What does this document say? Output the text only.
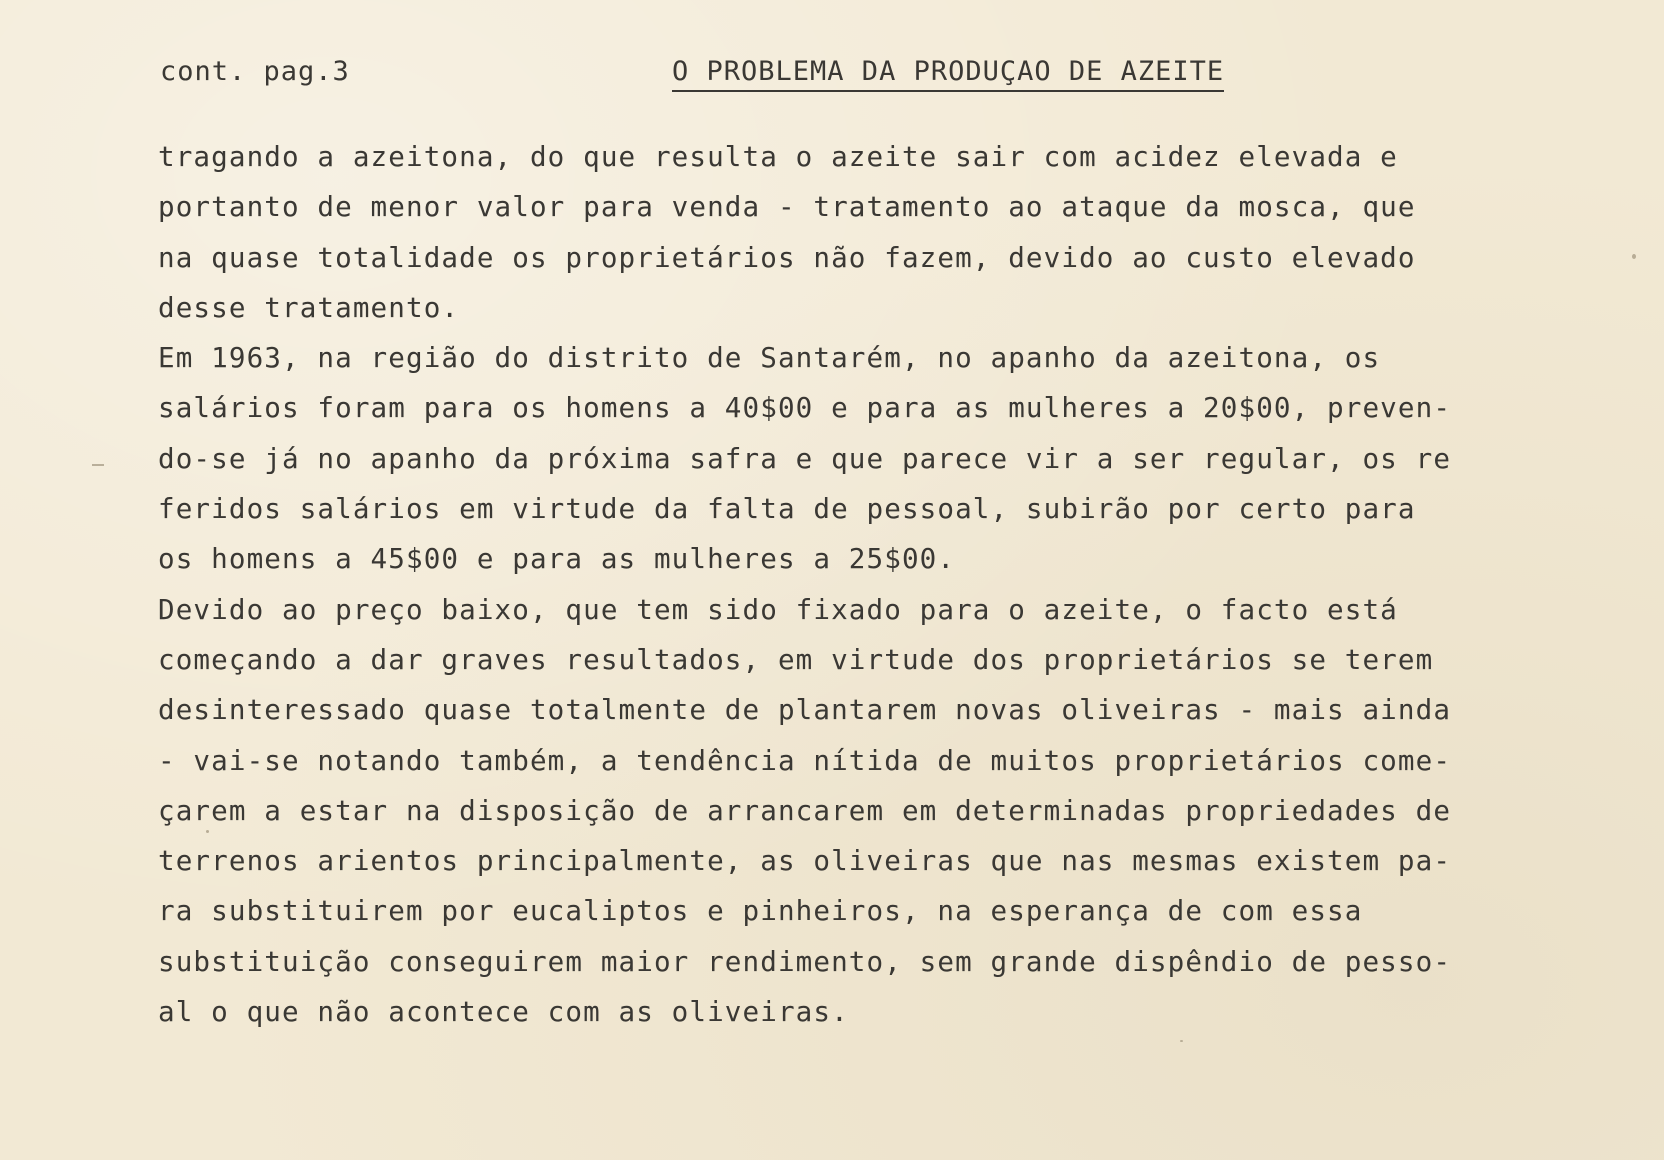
cont. pag.3	O PROBLEMA DA PRODUÇAO DE AZEITE
tragando a azeitona, do que resulta o azeite sair com acidez elevada e
portanto de menor valor para venda - tratamento ao ataque da mosca, que
na quase totalidade os proprietários não fazem, devido ao custo elevado
desse tratamento.
Em 1963, na região do distrito de Santarém, no apanho da azeitona, os
salários foram para os homens a 40$00 e para as mulheres a 20$00, preven-
do-se já no apanho da próxima safra e que parece vir a ser regular, os re
feridos salários em virtude da falta de pessoal, subirão por certo para
os homens a 45$00 e para as mulheres a 25$00.
Devido ao preço baixo, que tem sido fixado para o azeite, o facto está
começando a dar graves resultados, em virtude dos proprietários se terem
desinteressado quase totalmente de plantarem novas oliveiras - mais ainda
- vai-se notando também, a tendência nítida de muitos proprietários come-
çarem a estar na disposição de arrancarem em determinadas propriedades de
terrenos arientos principalmente, as oliveiras que nas mesmas existem pa-
ra substituirem por eucaliptos e pinheiros, na esperança de com essa
substituição conseguirem maior rendimento, sem grande dispêndio de pesso-
al o que não acontece com as oliveiras.
